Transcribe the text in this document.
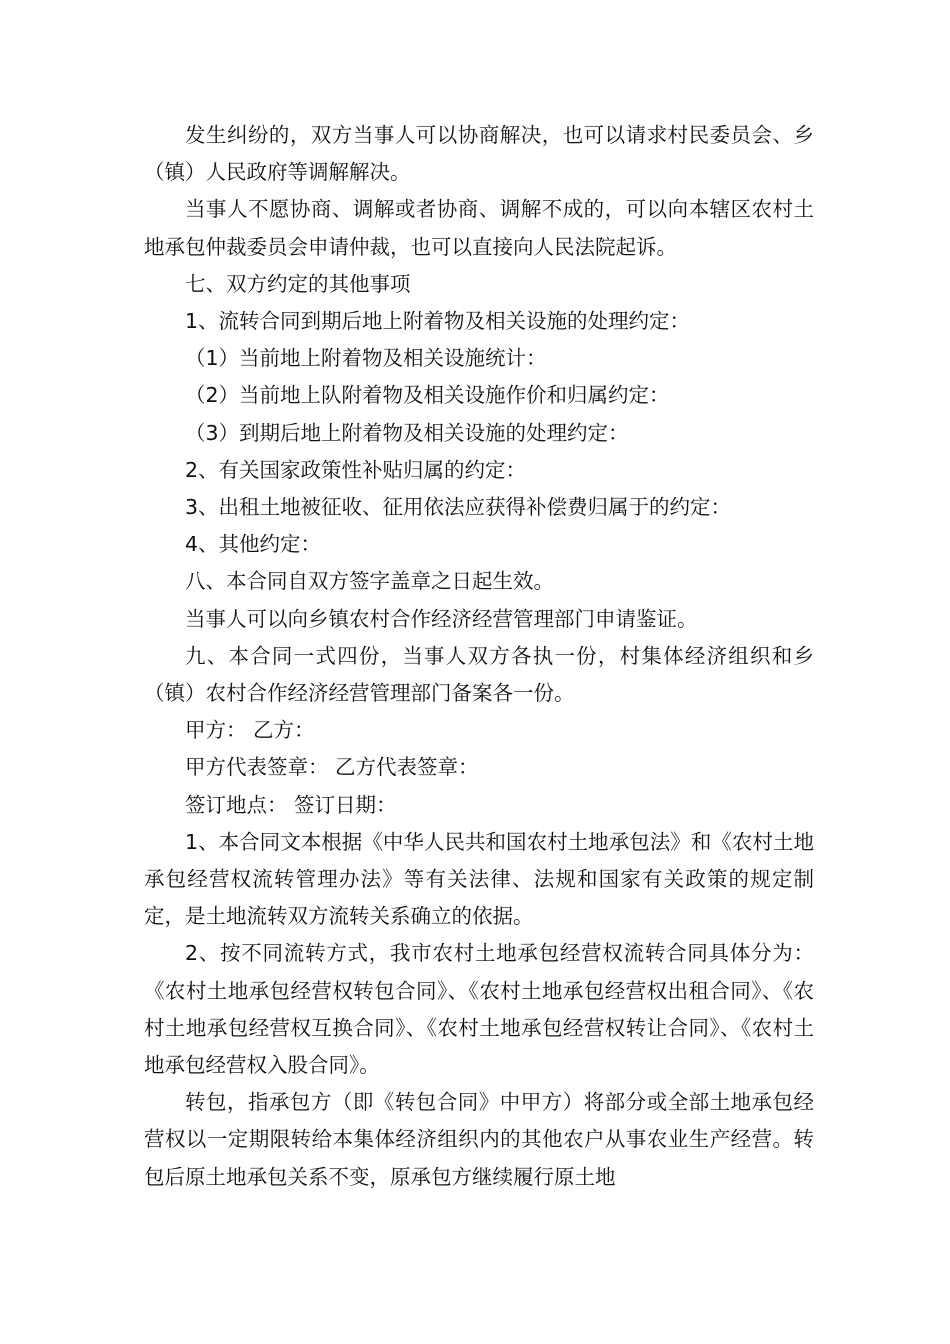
发生纠纷的，双方当事人可以协商解决，也可以请求村民委员会、乡（镇）人民政府等调解解决。

当事人不愿协商、调解或者协商、调解不成的，可以向本辖区农村土地承包仲裁委员会申请仲裁，也可以直接向人民法院起诉。

七、双方约定的其他事项

1、流转合同到期后地上附着物及相关设施的处理约定：

（1）当前地上附着物及相关设施统计：

（2）当前地上队附着物及相关设施作价和归属约定：

（3）到期后地上附着物及相关设施的处理约定：

2、有关国家政策性补贴归属的约定：

3、出租土地被征收、征用依法应获得补偿费归属于的约定：

4、其他约定：

八、本合同自双方签字盖章之日起生效。

当事人可以向乡镇农村合作经济经营管理部门申请鉴证。

九、本合同一式四份，当事人双方各执一份，村集体经济组织和乡（镇）农村合作经济经营管理部门备案各一份。

甲方： 乙方：

甲方代表签章： 乙方代表签章：

签订地点： 签订日期：

1、本合同文本根据《中华人民共和国农村土地承包法》和《农村土地承包经营权流转管理办法》等有关法律、法规和国家有关政策的规定制定，是土地流转双方流转关系确立的依据。

2、按不同流转方式，我市农村土地承包经营权流转合同具体分为：《农村土地承包经营权转包合同》、《农村土地承包经营权出租合同》、《农村土地承包经营权互换合同》、《农村土地承包经营权转让合同》、《农村土地承包经营权入股合同》。

转包，指承包方（即《转包合同》中甲方）将部分或全部土地承包经营权以一定期限转给本集体经济组织内的其他农户从事农业生产经营。转包后原土地承包关系不变，原承包方继续履行原土地
